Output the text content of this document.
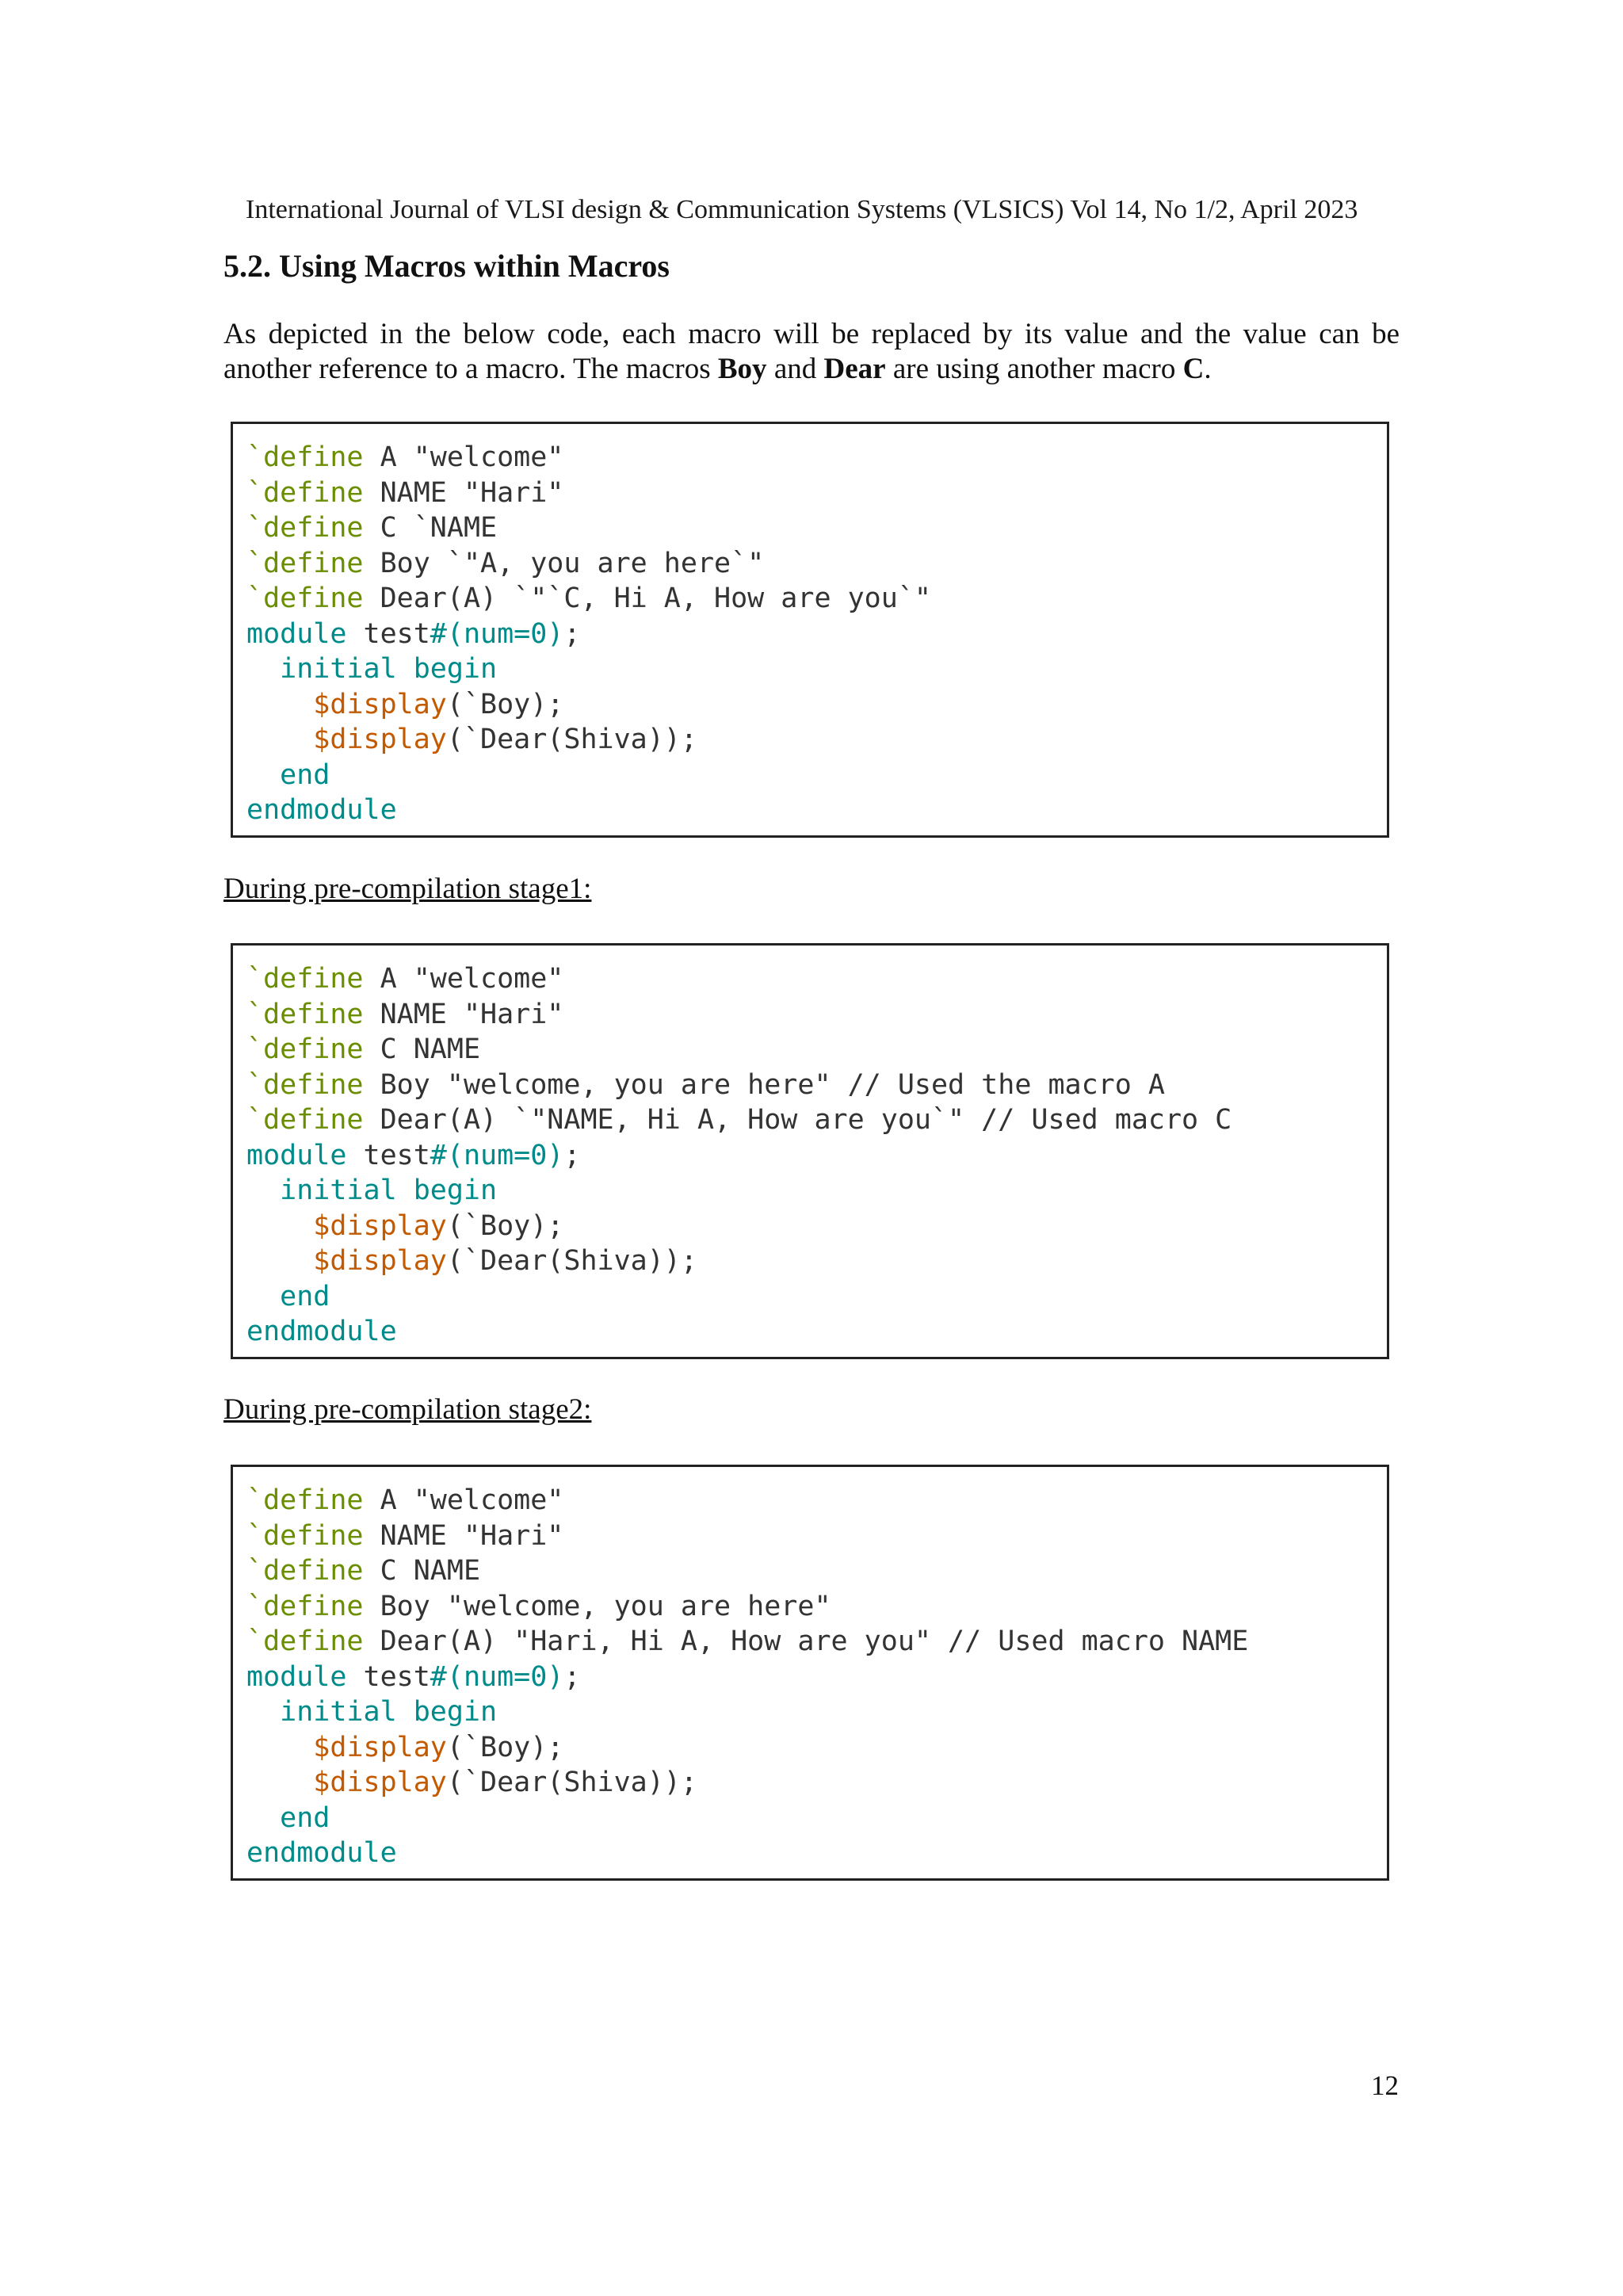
International Journal of VLSI design & Communication Systems (VLSICS) Vol 14, No 1/2, April 2023
5.2. Using Macros within Macros

As depicted in the below code, each macro will be replaced by its value and the value can be another reference to a macro. The macros Boy and Dear are using another macro C.

`define A "welcome"
`define NAME "Hari"
`define C `NAME
`define Boy `"A, you are here`"
`define Dear(A) `"`C, Hi A, How are you`"
module test#(num=0);
initial begin
$display(`Boy);
$display(`Dear(Shiva));
end
endmodule
During pre-compilation stage1:
`define A "welcome"
`define NAME "Hari"
`define C NAME
`define Boy "welcome, you are here" // Used the macro A
`define Dear(A) `"NAME, Hi A, How are you`" // Used macro C
module test#(num=0);
initial begin
$display(`Boy);
$display(`Dear(Shiva));
end
endmodule
During pre-compilation stage2:
`define A "welcome"
`define NAME "Hari"
`define C NAME
`define Boy "welcome, you are here"
`define Dear(A) "Hari, Hi A, How are you" // Used macro NAME
module test#(num=0);
initial begin
$display(`Boy);
$display(`Dear(Shiva));
end
endmodule
12
